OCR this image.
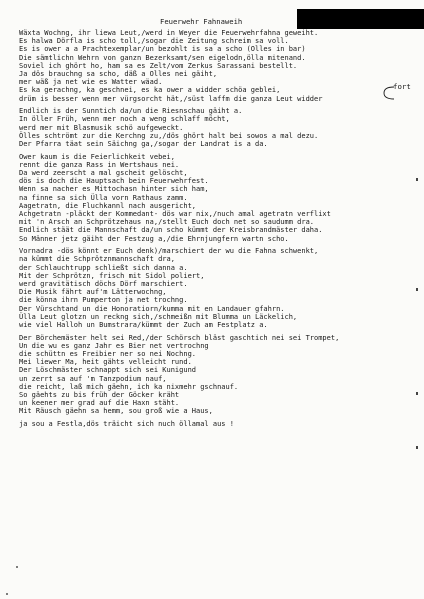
Feuerwehr Fahnaweih
fort
Wäxta Wochng, ihr liewa Leut,/werd in Weyer die Feuerwehrfahna geweiht.
Es halwa Dörfla is scho toll,/sogar die Zeitung schreim sa voll.
Es is ower a a Prachtexemplar/un bezohlt is sa a scho (Olles in bar)
Die sämtlichn Wehrn von ganzn Bezerksamt/sen eigelodn,ölla mitenand.
Soviel ich ghört ho, ham sa es Zelt/vom Zerkus Sarassani bestellt.
Ja dös brauchng sa scho, däß a Olles nei gäiht,
mer wäß ja net wie es Watter wäad.
Es ka gerachng, ka geschnei, es ka ower a widder schöa geblei,
drüm is besser wenn mer vürgsorcht hät,/süst laffm die ganza Leut widder
Endlich is der Sunntich da/un die Riesnschau gäiht a.
In öller Früh, wenn mer noch a weng schlaff möcht,
werd mer mit Blasmusik schö aufgeweckt.
Ölles schtrömt zur die Kerchng zu,/dös ghört halt bei sowos a mal dezu.
Der Pfarra täat sein Säichng ga,/sogar der Landrat is a da.
Ower kaum is die Feierlichkeit vebei,
rennt die ganza Rass in Wertshaus nei.
Da werd zeerscht a mal gscheit gelöscht,
dös is doch die Hauptsach bein Feuerwehrfest.
Wenn sa nacher es Mittochasn hinter sich ham,
na finne sa sich Ülla vorn Rathaus zamm.
Aagetratn, die Fluchkannl nach ausgericht,
Achgetratn -pläckt der Kommedant- dös war nix,/nuch amal agetratn verflixt
mit 'n Arsch an Schprötzehaus na,/stellt Euch doch net so saudumm dra.
Endlich stäät die Mannschaft da/un scho kümmt der Kreisbrandmäster daha.
So Männer jetz gäiht der Festzug a,/die Ehrnjungfern wartn scho.
Vornadra -dös könnt er Euch denk)/marschiert der wu die Fahna schwenkt,
na kümmt die Schprötznmannschaft dra,
der Schlauchtrupp schließt sich danna a.
Mit der Schprötzn, frisch mit Sidol poliert,
werd gravitätisch döchs Dörf marschiert.
Die Musik fährt auf'm Lätterwochng,
die könna ihrn Pumperton ja net trochng.
Der Vürschtand un die Honoratiorn/kumma mit en Landauer gfahrn.
Ülla Leut glotzn un reckng sich,/schmeißn mit Blumma un Läckelich,
wie viel Halloh un Bumstrara/kümmt der Zuch am Festplatz a.
Der Börchemäster helt sei Red,/der Schörsch bläst gaschtich nei sei Trompet,
Un die wu es ganz Jahr es Bier net vertrochng
die schüttn es Freibier ner so nei Nochng.
Mei liewer Ma, heit gähts velleicht rund.
Der Löschmäster schnappt sich sei Kunigund
un zerrt sa auf 'm Tanzpodium nauf,
die reicht, laß mich gäehn, ich ka nixmehr gschnauf.
So gäehts zu bis früh der Göcker kräht
un keener mer grad auf die Haxn stäht.
Mit Räusch gäehn sa hemm, sou groß wie a Haus,
ja sou a Festla,dös träicht sich nuch öllamal aus !
